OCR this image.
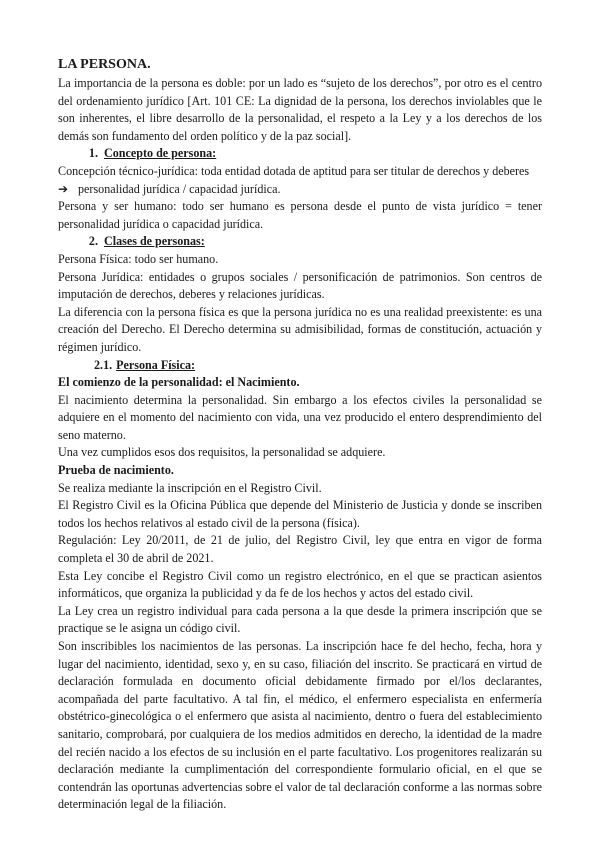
LA PERSONA.

La importancia de la persona es doble: por un lado es “sujeto de los derechos”, por otro es el centro del ordenamiento jurídico [Art. 101 CE: La dignidad de la persona, los derechos inviolables que le son inherentes, el libre desarrollo de la personalidad, el respeto a la Ley y a los derechos de los demás son fundamento del orden político y de la paz social].

1. Concepto de persona:

Concepción técnico-jurídica: toda entidad dotada de aptitud para ser titular de derechos y deberes

➔ personalidad jurídica / capacidad jurídica.

Persona y ser humano: todo ser humano es persona desde el punto de vista jurídico = tener personalidad jurídica o capacidad jurídica.

2. Clases de personas:

Persona Física: todo ser humano.

Persona Jurídica: entidades o grupos sociales / personificación de patrimonios. Son centros de imputación de derechos, deberes y relaciones jurídicas.

La diferencia con la persona física es que la persona jurídica no es una realidad preexistente: es una creación del Derecho. El Derecho determina su admisibilidad, formas de constitución, actuación y régimen jurídico.

2.1. Persona Física:
El comienzo de la personalidad: el Nacimiento.

El nacimiento determina la personalidad. Sin embargo a los efectos civiles la personalidad se adquiere en el momento del nacimiento con vida, una vez producido el entero desprendimiento del seno materno.

Una vez cumplidos esos dos requisitos, la personalidad se adquiere.

Prueba de nacimiento.

Se realiza mediante la inscripción en el Registro Civil.

El Registro Civil es la Oficina Pública que depende del Ministerio de Justicia y donde se inscriben todos los hechos relativos al estado civil de la persona (física).

Regulación: Ley 20/2011, de 21 de julio, del Registro Civil, ley que entra en vigor de forma completa el 30 de abril de 2021.

Esta Ley concibe el Registro Civil como un registro electrónico, en el que se practican asientos informáticos, que organiza la publicidad y da fe de los hechos y actos del estado civil.

La Ley crea un registro individual para cada persona a la que desde la primera inscripción que se practique se le asigna un código civil.

Son inscribibles los nacimientos de las personas. La inscripción hace fe del hecho, fecha, hora y lugar del nacimiento, identidad, sexo y, en su caso, filiación del inscrito. Se practicará en virtud de declaración formulada en documento oficial debidamente firmado por el/los declarantes, acompañada del parte facultativo. A tal fin, el médico, el enfermero especialista en enfermería obstétrico-ginecológica o el enfermero que asista al nacimiento, dentro o fuera del establecimiento sanitario, comprobará, por cualquiera de los medios admitidos en derecho, la identidad de la madre del recién nacido a los efectos de su inclusión en el parte facultativo. Los progenitores realizarán su declaración mediante la cumplimentación del correspondiente formulario oficial, en el que se contendrán las oportunas advertencias sobre el valor de tal declaración conforme a las normas sobre determinación legal de la filiación.
